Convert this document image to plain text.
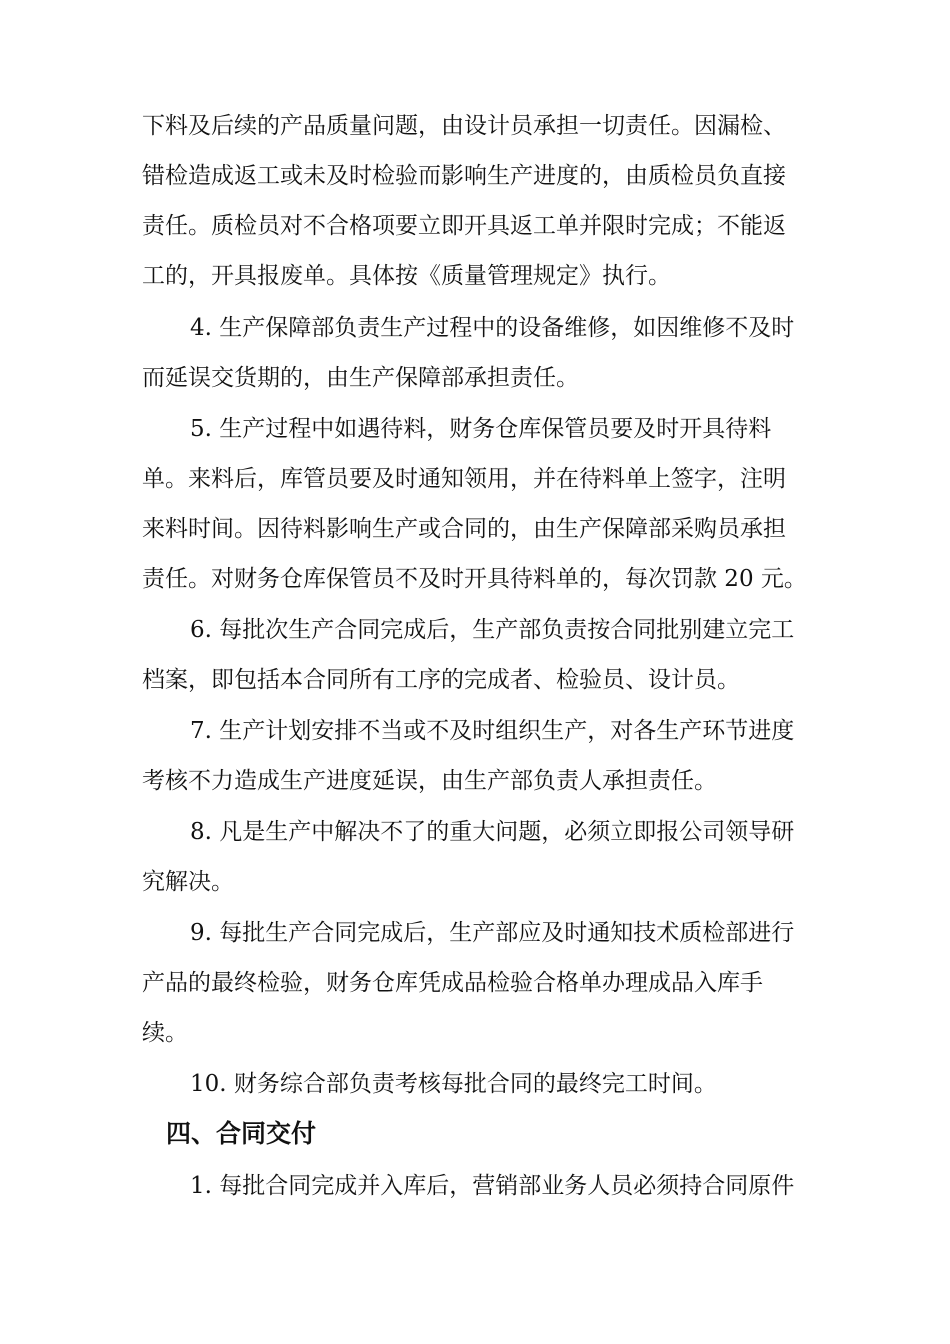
下料及后续的产品质量问题，由设计员承担一切责任。因漏检、
错检造成返工或未及时检验而影响生产进度的，由质检员负直接
责任。质检员对不合格项要立即开具返工单并限时完成；不能返
工的，开具报废单。具体按《质量管理规定》执行。
4. 生产保障部负责生产过程中的设备维修，如因维修不及时
而延误交货期的，由生产保障部承担责任。
5. 生产过程中如遇待料，财务仓库保管员要及时开具待料
单。来料后，库管员要及时通知领用，并在待料单上签字，注明
来料时间。因待料影响生产或合同的，由生产保障部采购员承担
责任。对财务仓库保管员不及时开具待料单的，每次罚款 20 元。
6. 每批次生产合同完成后，生产部负责按合同批别建立完工
档案，即包括本合同所有工序的完成者、检验员、设计员。
7. 生产计划安排不当或不及时组织生产，对各生产环节进度
考核不力造成生产进度延误，由生产部负责人承担责任。
8. 凡是生产中解决不了的重大问题，必须立即报公司领导研
究解决。
9. 每批生产合同完成后，生产部应及时通知技术质检部进行
产品的最终检验，财务仓库凭成品检验合格单办理成品入库手
续。
10. 财务综合部负责考核每批合同的最终完工时间。
四、合同交付
1. 每批合同完成并入库后，营销部业务人员必须持合同原件
